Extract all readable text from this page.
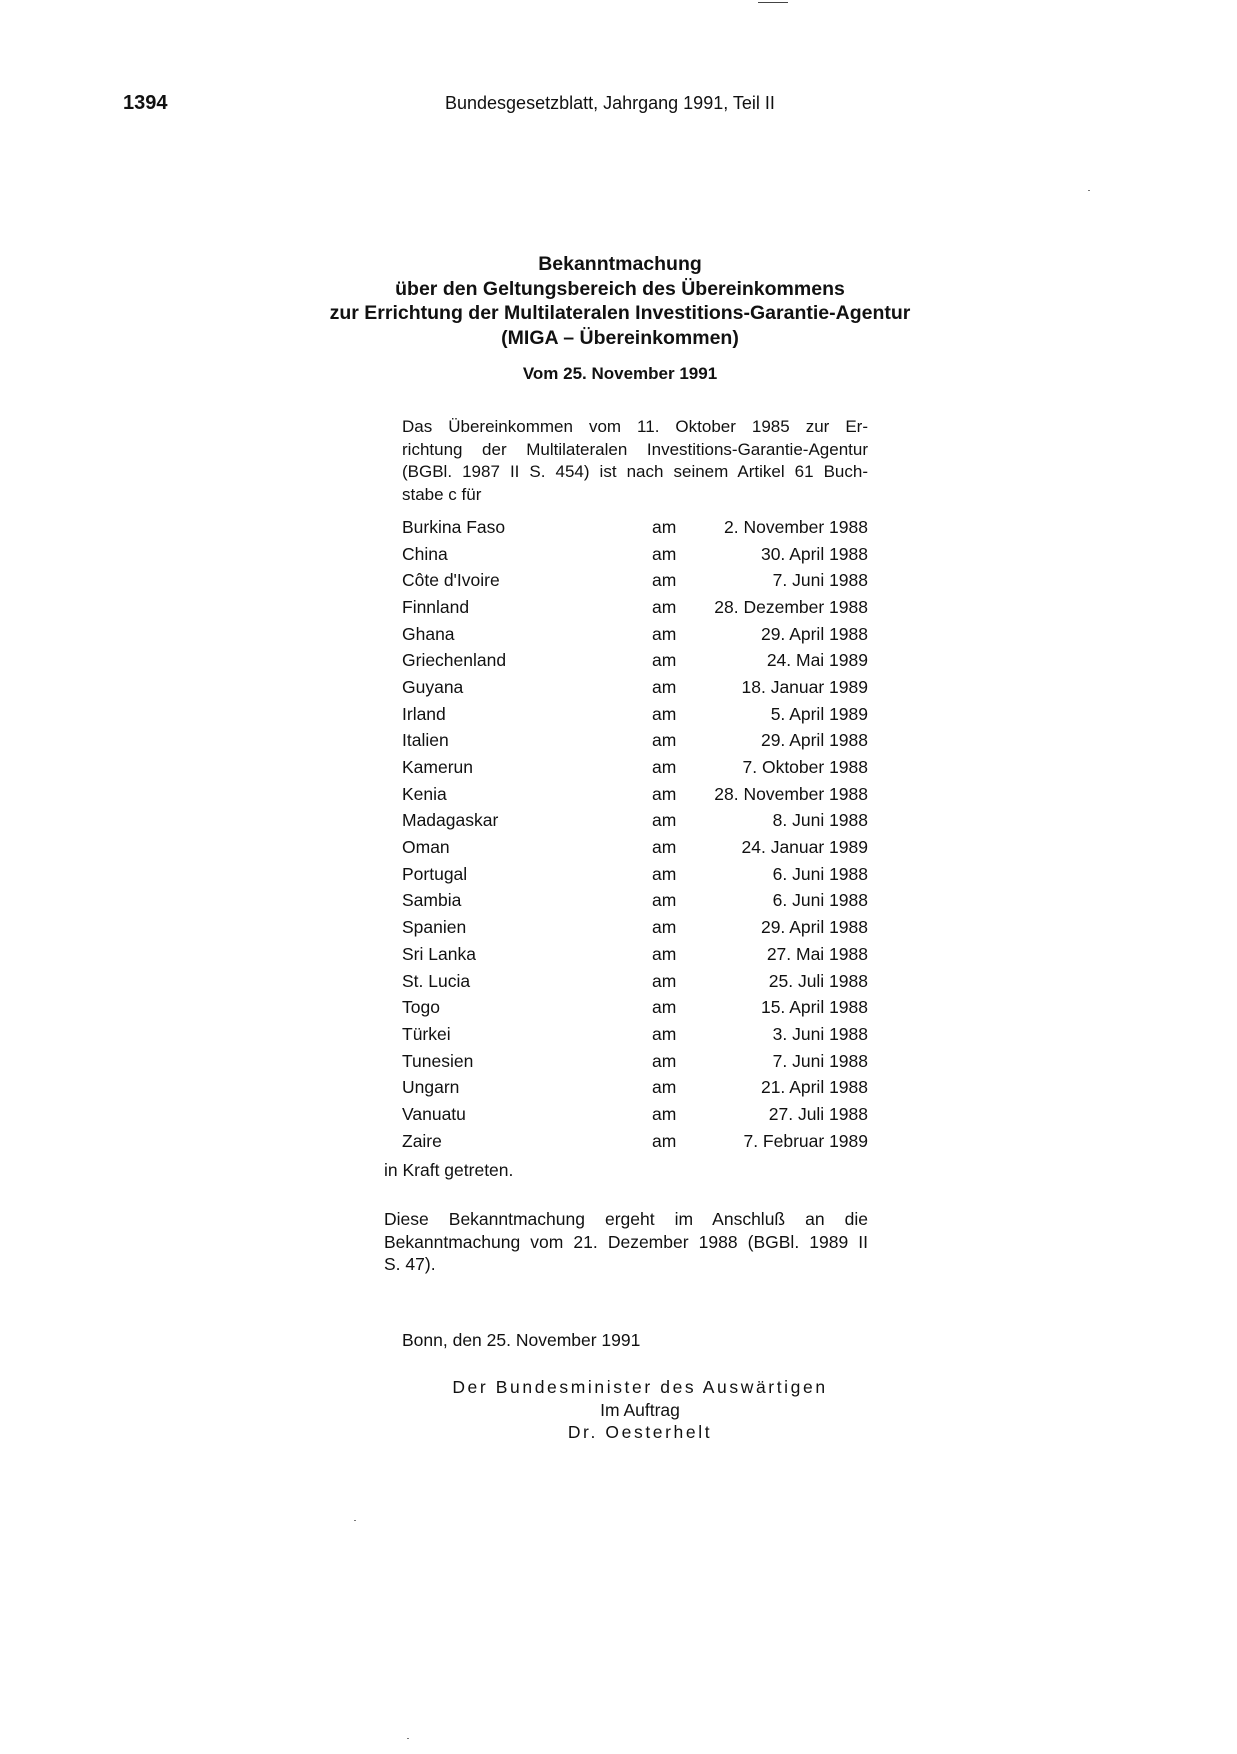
1394	Bundesgesetzblatt, Jahrgang 1991, Teil II
Bekanntmachung
über den Geltungsbereich des Übereinkommens
zur Errichtung der Multilateralen Investitions-Garantie-Agentur
(MIGA – Übereinkommen)
Vom 25. November 1991
Das Übereinkommen vom 11. Oktober 1985 zur Er-
richtung der Multilateralen Investitions-Garantie-Agentur
(BGBl. 1987 II S. 454) ist nach seinem Artikel 61 Buch-
stabe c für
Burkina Faso	am	2. November 1988
China	am	30. April 1988
Côte d'Ivoire	am	7. Juni 1988
Finnland	am	28. Dezember 1988
Ghana	am	29. April 1988
Griechenland	am	24. Mai 1989
Guyana	am	18. Januar 1989
Irland	am	5. April 1989
Italien	am	29. April 1988
Kamerun	am	7. Oktober 1988
Kenia	am	28. November 1988
Madagaskar	am	8. Juni 1988
Oman	am	24. Januar 1989
Portugal	am	6. Juni 1988
Sambia	am	6. Juni 1988
Spanien	am	29. April 1988
Sri Lanka	am	27. Mai 1988
St. Lucia	am	25. Juli 1988
Togo	am	15. April 1988
Türkei	am	3. Juni 1988
Tunesien	am	7. Juni 1988
Ungarn	am	21. April 1988
Vanuatu	am	27. Juli 1988
Zaire	am	7. Februar 1989
in Kraft getreten.
Diese Bekanntmachung ergeht im Anschluß an die
Bekanntmachung vom 21. Dezember 1988 (BGBl. 1989 II
S. 47).
Bonn, den 25. November 1991
Der Bundesminister des Auswärtigen
Im Auftrag
Dr. Oesterhelt
